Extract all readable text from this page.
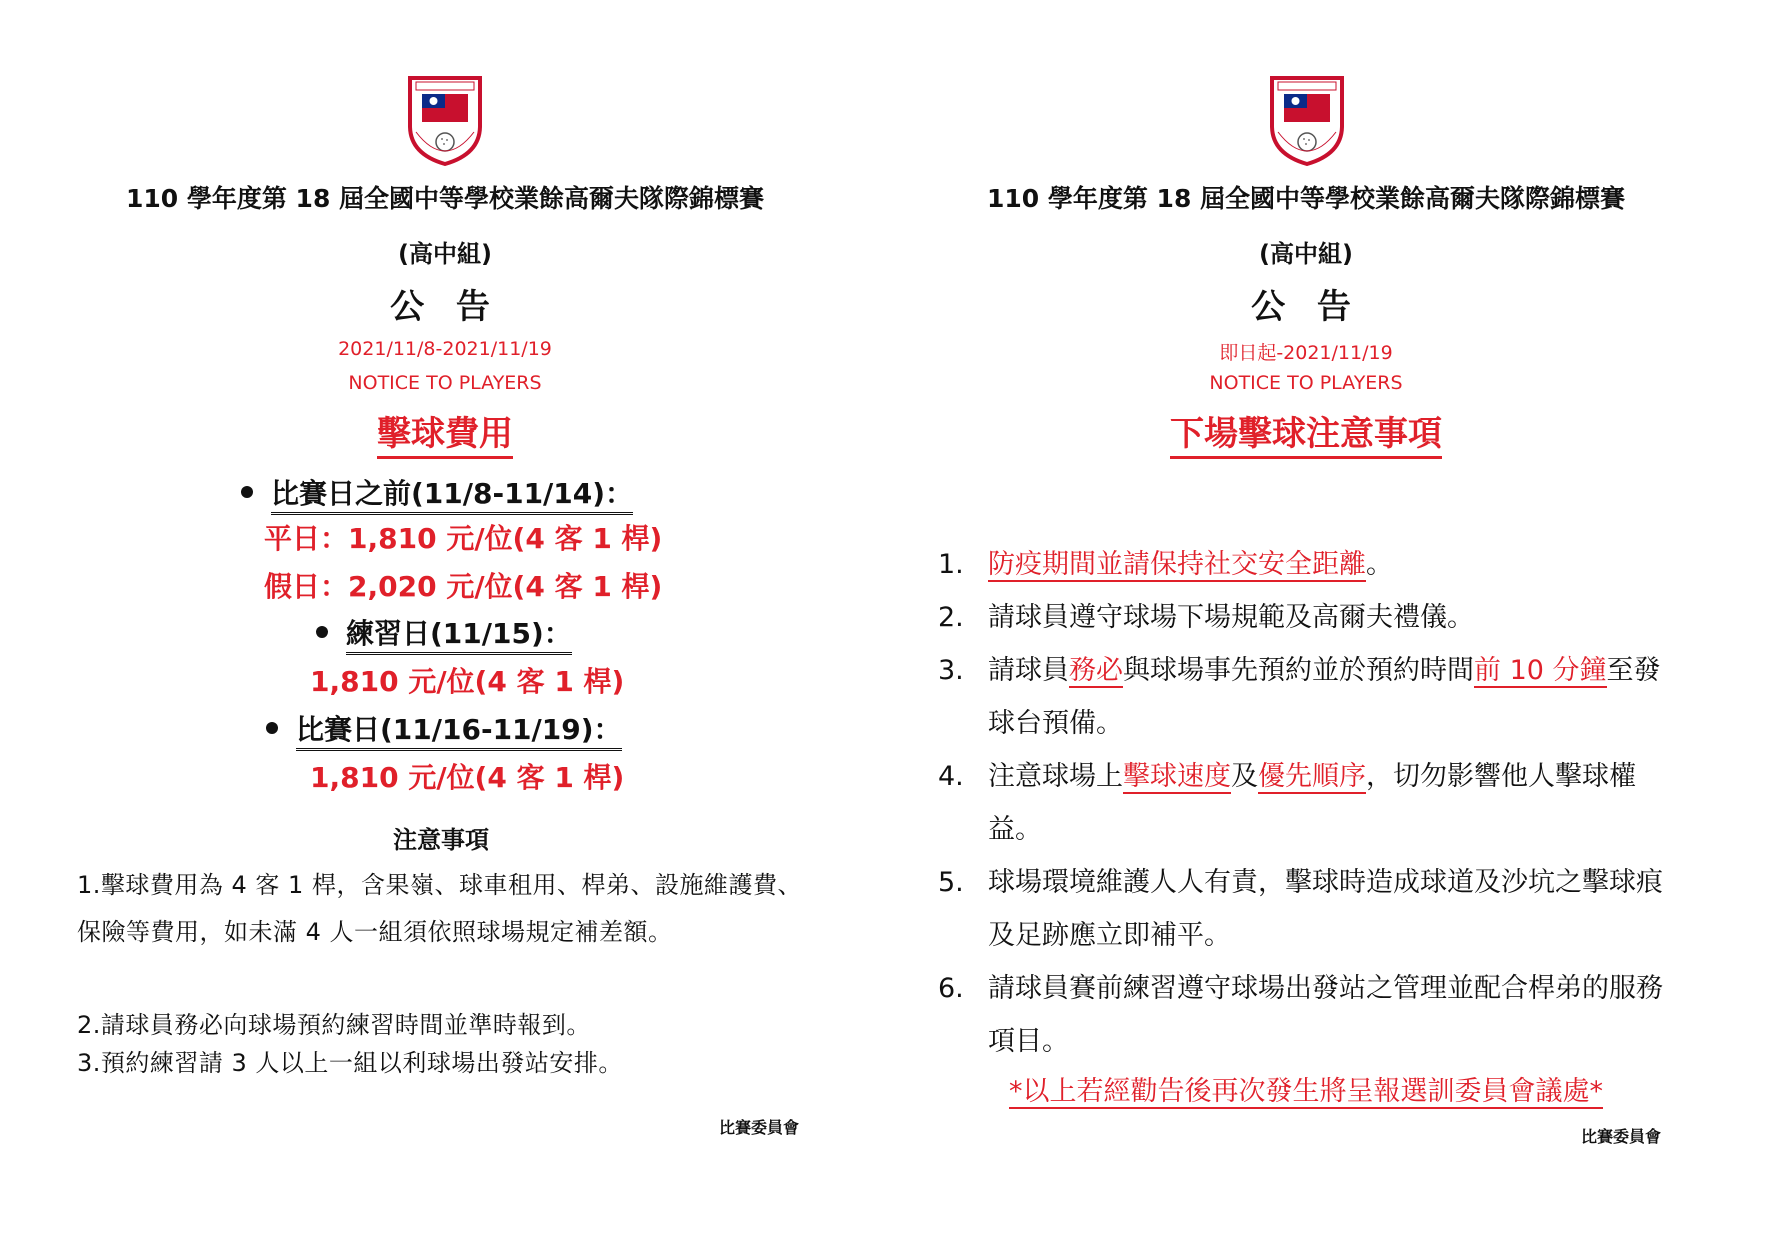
110 學年度第 18 屆全國中等學校業餘高爾夫隊際錦標賽
(高中組)
公 告
2021/11/8-2021/11/19
NOTICE TO PLAYERS
擊球費用
比賽日之前(11/8-11/14)：
平日：1,810 元/位(4 客 1 桿)
假日：2,020 元/位(4 客 1 桿)
練習日(11/15)：
1,810 元/位(4 客 1 桿)
比賽日(11/16-11/19)：
1,810 元/位(4 客 1 桿)
注意事項
1.擊球費用為 4 客 1 桿，含果嶺、球車租用、桿弟、設施維護費、保險等費用，如未滿 4 人一組須依照球場規定補差額。
2.請球員務必向球場預約練習時間並準時報到。
3.預約練習請 3 人以上一組以利球場出發站安排。
比賽委員會
110 學年度第 18 屆全國中等學校業餘高爾夫隊際錦標賽
(高中組)
公 告
即日起-2021/11/19
NOTICE TO PLAYERS
下場擊球注意事項
1. 防疫期間並請保持社交安全距離。
2. 請球員遵守球場下場規範及高爾夫禮儀。
3. 請球員務必與球場事先預約並於預約時間前 10 分鐘至發球台預備。
4. 注意球場上擊球速度及優先順序，切勿影響他人擊球權益。
5. 球場環境維護人人有責，擊球時造成球道及沙坑之擊球痕及足跡應立即補平。
6. 請球員賽前練習遵守球場出發站之管理並配合桿弟的服務項目。
*以上若經勸告後再次發生將呈報選訓委員會議處*
比賽委員會
